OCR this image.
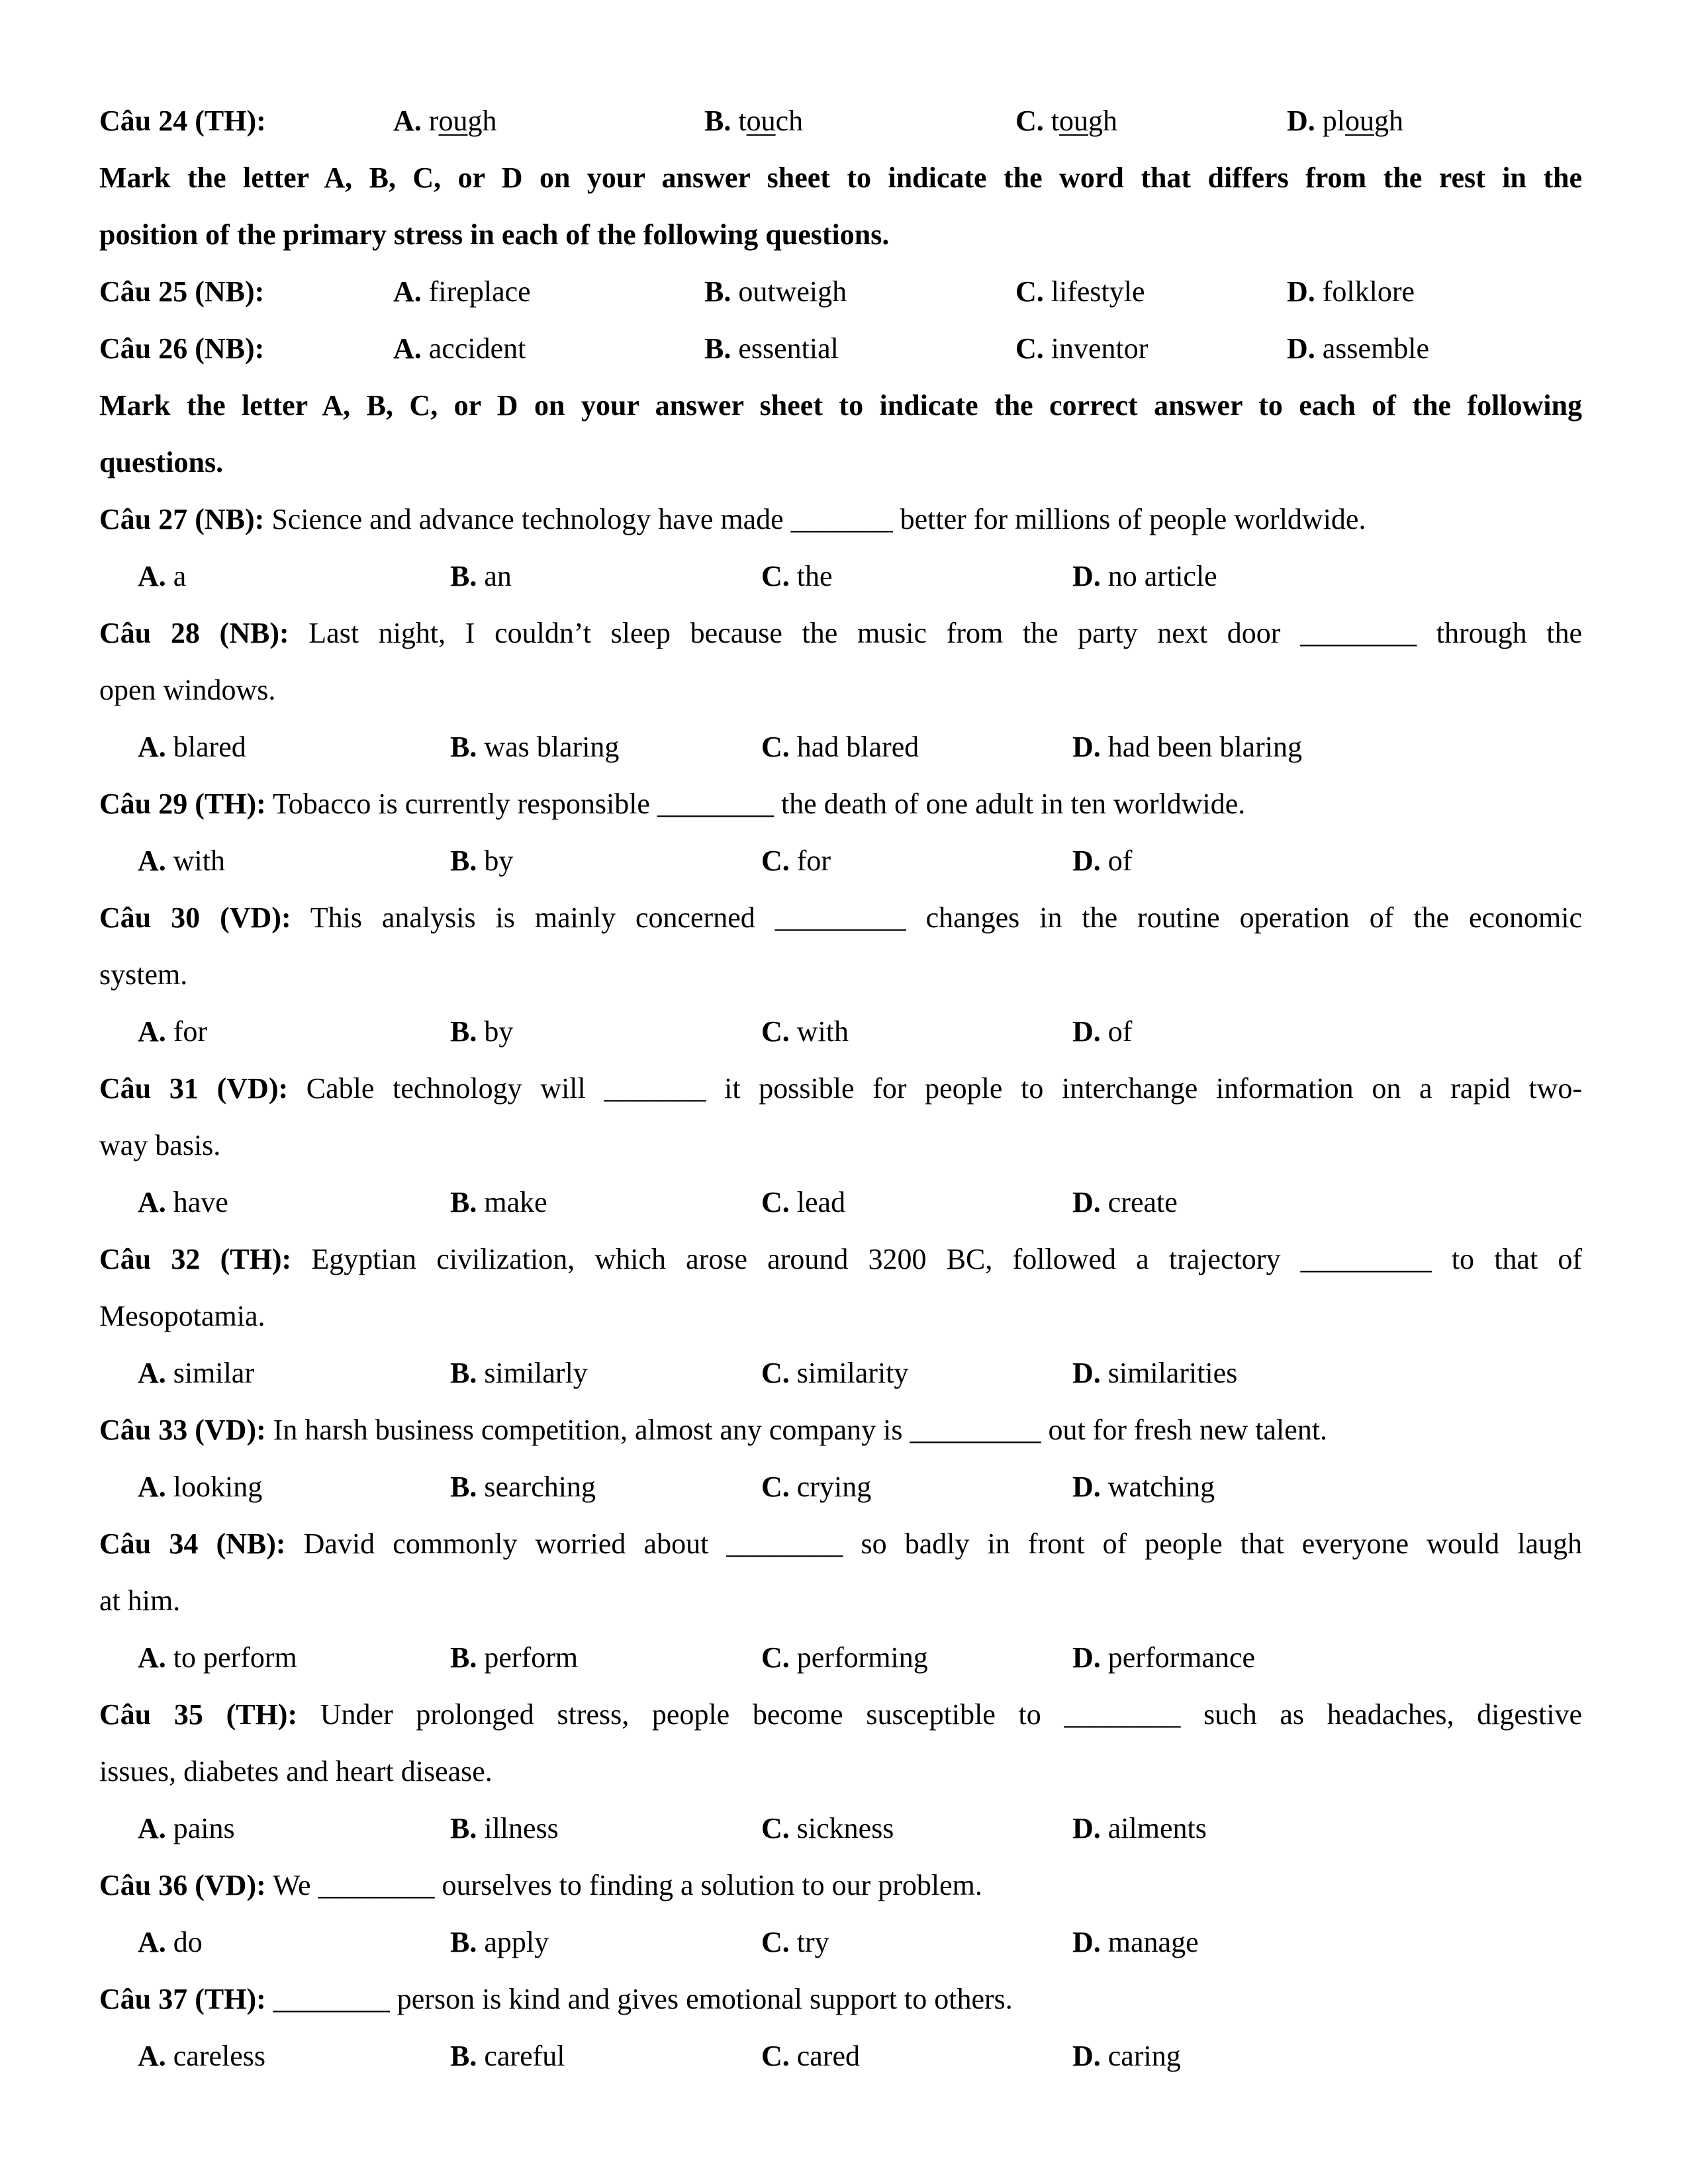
Câu 24 (TH):	A. rough	B. touch	C. tough	D. plough
Mark the letter A, B, C, or D on your answer sheet to indicate the word that differs from the rest in the
position of the primary stress in each of the following questions.
Câu 25 (NB):	A. fireplace	B. outweigh	C. lifestyle	D. folklore
Câu 26 (NB):	A. accident	B. essential	C. inventor	D. assemble
Mark the letter A, B, C, or D on your answer sheet to indicate the correct answer to each of the following
questions.
Câu 27 (NB): Science and advance technology have made _______ better for millions of people worldwide.
A. a	B. an	C. the	D. no article
Câu 28 (NB): Last night, I couldn’t sleep because the music from the party next door ________ through the
open windows.
A. blared	B. was blaring	C. had blared	D. had been blaring
Câu 29 (TH): Tobacco is currently responsible ________ the death of one adult in ten worldwide.
A. with	B. by	C. for	D. of
Câu 30 (VD): This analysis is mainly concerned _________ changes in the routine operation of the economic
system.
A. for	B. by	C. with	D. of
Câu 31 (VD): Cable technology will _______ it possible for people to interchange information on a rapid two-
way basis.
A. have	B. make	C. lead	D. create
Câu 32 (TH): Egyptian civilization, which arose around 3200 BC, followed a trajectory _________ to that of
Mesopotamia.
A. similar	B. similarly	C. similarity	D. similarities
Câu 33 (VD): In harsh business competition, almost any company is _________ out for fresh new talent.
A. looking	B. searching	C. crying	D. watching
Câu 34 (NB): David commonly worried about ________ so badly in front of people that everyone would laugh
at him.
A. to perform	B. perform	C. performing	D. performance
Câu 35 (TH): Under prolonged stress, people become susceptible to ________ such as headaches, digestive
issues, diabetes and heart disease.
A. pains	B. illness	C. sickness	D. ailments
Câu 36 (VD): We ________ ourselves to finding a solution to our problem.
A. do	B. apply	C. try	D. manage
Câu 37 (TH): ________ person is kind and gives emotional support to others.
A. careless	B. careful	C. cared	D. caring
